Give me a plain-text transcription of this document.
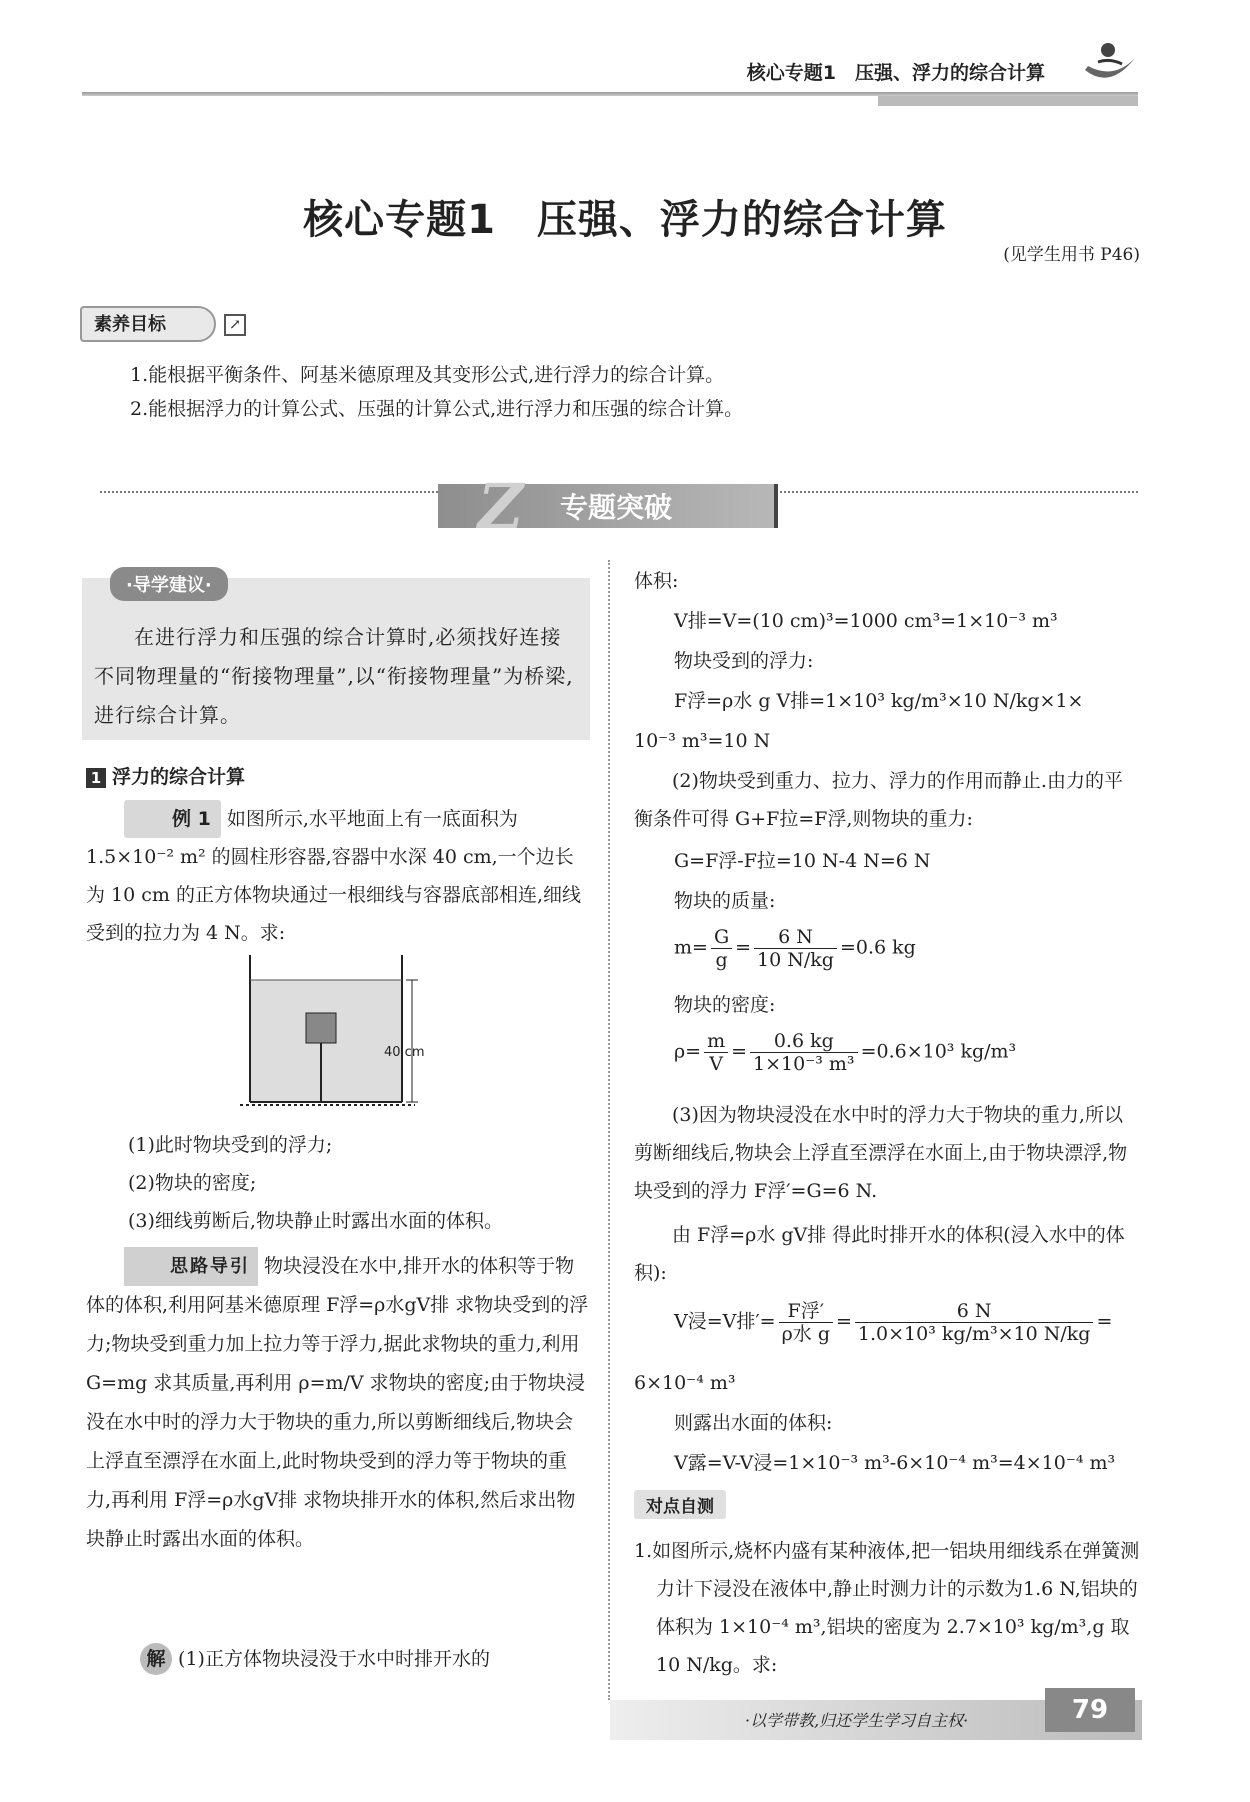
核心专题1　压强、浮力的综合计算
核心专题1　压强、浮力的综合计算
(见学生用书 P46)
素养目标	↗
1.能根据平衡条件、阿基米德原理及其变形公式,进行浮力的综合计算。
2.能根据浮力的计算公式、压强的计算公式,进行浮力和压强的综合计算。
Z 专题突破
·导学建议·
在进行浮力和压强的综合计算时,必须找好连接不同物理量的“衔接物理量”,以“衔接物理量”为桥梁,进行综合计算。
1 浮力的综合计算
例 1 如图所示,水平地面上有一底面积为 1.5×10⁻² m² 的圆柱形容器,容器中水深 40 cm,一个边长为 10 cm 的正方体物块通过一根细线与容器底部相连,细线受到的拉力为 4 N。求:
40 cm
(1)此时物块受到的浮力;
(2)物块的密度;
(3)细线剪断后,物块静止时露出水面的体积。
思路导引 物块浸没在水中,排开水的体积等于物体的体积,利用阿基米德原理 F浮=ρ水gV排 求物块受到的浮力;物块受到重力加上拉力等于浮力,据此求物块的重力,利用 G=mg 求其质量,再利用 ρ=m/V 求物块的密度;由于物块浸没在水中时的浮力大于物块的重力,所以剪断细线后,物块会上浮直至漂浮在水面上,此时物块受到的浮力等于物块的重力,再利用 F浮=ρ水gV排 求物块排开水的体积,然后求出物块静止时露出水面的体积。
解 (1)正方体物块浸没于水中时排开水的
体积:
V排=V=(10 cm)³=1000 cm³=1×10⁻³ m³
物块受到的浮力:
F浮=ρ水 g V排=1×10³ kg/m³×10 N/kg×1×
10⁻³ m³=10 N
(2)物块受到重力、拉力、浮力的作用而静止.由力的平衡条件可得 G+F拉=F浮,则物块的重力:
G=F浮-F拉=10 N-4 N=6 N
物块的质量:
$m= \frac{G}{g} = \frac{6 N}{10 N/kg} =0.6$ kg
物块的密度:
$\rho= \frac{m}{V} = \frac{0.6 kg}{\text{1×10⁻³ m³}} =0.6\times 10^3$ kg/m³
(3)因为物块浸没在水中时的浮力大于物块的重力,所以剪断细线后,物块会上浮直至漂浮在水面上,由于物块漂浮,物块受到的浮力 F浮′=G=6 N.
由 F浮=ρ水 gV排 得此时排开水的体积(浸入水中的体积):
V浸=V排′= $\frac{\text{F浮′}}{\text{ρ水 g}} = \frac{6 N}{\text{1.0×10³ kg/m³×10 N/kg}}$ =
6×10⁻⁴ m³
则露出水面的体积:
V露=V-V浸=1×10⁻³ m³-6×10⁻⁴ m³=4×10⁻⁴ m³
对点自测
1.如图所示,烧杯内盛有某种液体,把一铝块用细线系在弹簧测力计下浸没在液体中,静止时测力计的示数为1.6 N,铝块的体积为 1×10⁻⁴ m³,铝块的密度为 2.7×10³ kg/m³,g 取 10 N/kg。求:
·以学带教,归还学生学习自主权·	79
